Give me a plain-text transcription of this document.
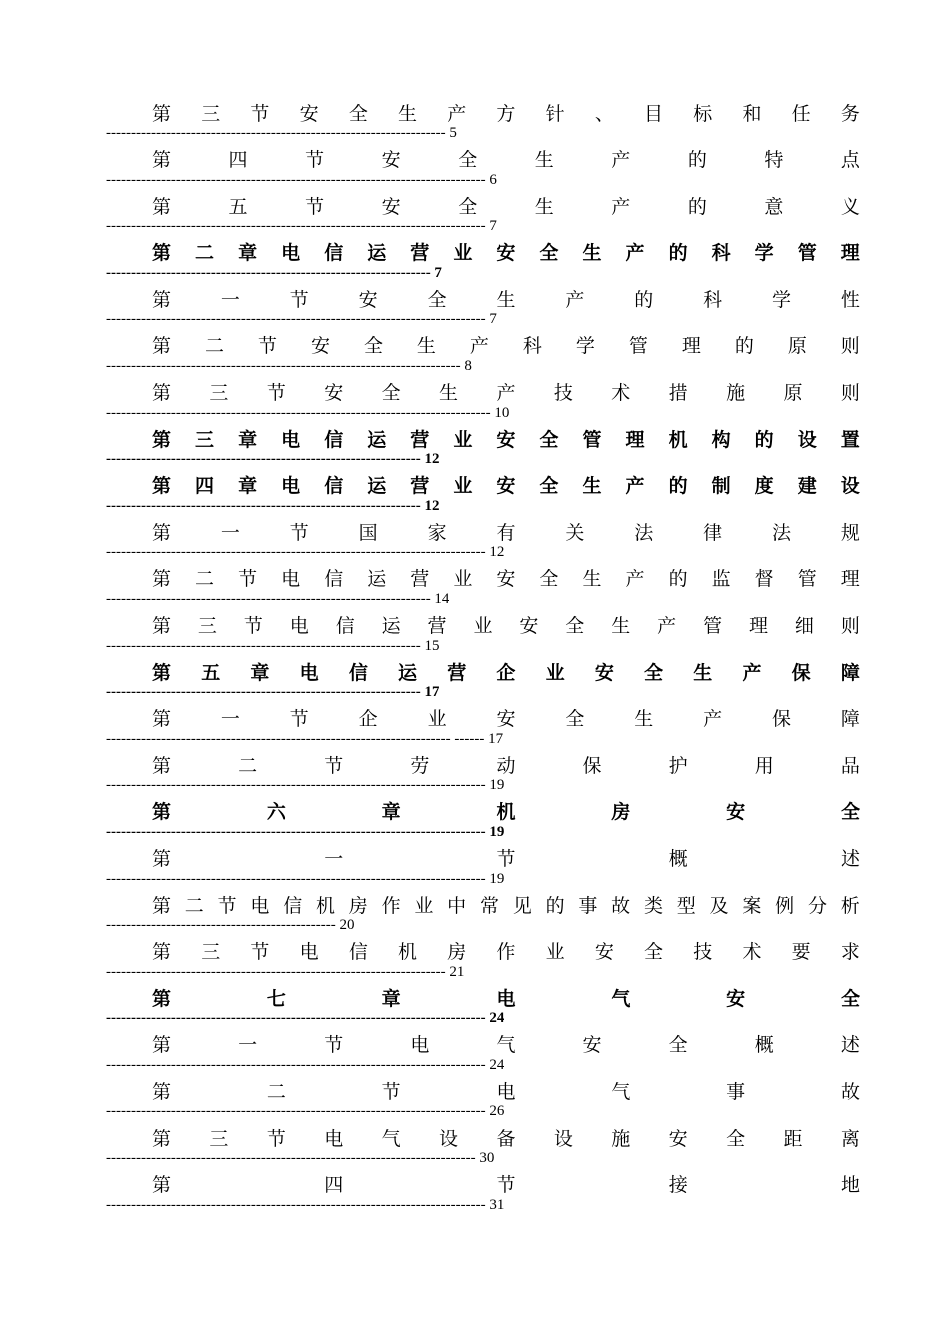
第 三 节 安 全 生 产 方 针 、 目 标 和 任 务
-------------------------------------------------------------------- 5
第	四	节	安	全	生	产	的	特	点
---------------------------------------------------------------------------- 6
第	五	节	安	全	生	产	的	意	义
---------------------------------------------------------------------------- 7
第 二 章 电 信 运 营 业 安 全 生 产 的 科 学 管 理
----------------------------------------------------------------- 7
第	一	节	安	全	生	产	的	科	学	性
---------------------------------------------------------------------------- 7
第 二 节 安 全 生 产 科 学 管 理 的 原 则
----------------------------------------------------------------------- 8
第 三 节 安 全 生 产 技 术 措 施 原 则
----------------------------------------------------------------------------- 10
第 三 章 电 信 运 营 业 安 全 管 理 机 构 的 设 置
--------------------------------------------------------------- 12
第 四 章 电 信 运 营 业 安 全 生 产 的 制 度 建 设
--------------------------------------------------------------- 12
第	一	节	国	家	有	关	法	律	法	规
---------------------------------------------------------------------------- 12
第 二 节 电 信 运 营 业 安 全 生 产 的 监 督 管 理
----------------------------------------------------------------- 14
第 三 节 电 信 运 营 业 安 全 生 产 管 理 细 则
--------------------------------------------------------------- 15
第 五 章 电 信 运 营 企 业 安 全 生 产 保 障
--------------------------------------------------------------- 17
第	一	节	企	业	安	全	生	产	保	障
--------------------------------------------------------------------- ------ 17
第	二	节	劳	动	保	护	用	品
---------------------------------------------------------------------------- 19
第	六	章	机	房	安	全
---------------------------------------------------------------------------- 19
第	一	节	概	述
---------------------------------------------------------------------------- 19
第 二 节 电 信 机 房 作 业 中 常 见 的 事 故 类 型 及 案 例 分 析
---------------------------------------------- 20
第 三 节 电 信 机 房 作 业 安 全 技 术 要 求
-------------------------------------------------------------------- 21
第	七	章	电	气	安	全
---------------------------------------------------------------------------- 24
第	一	节	电	气	安	全	概	述
---------------------------------------------------------------------------- 24
第	二	节	电	气	事	故
---------------------------------------------------------------------------- 26
第 三 节 电 气 设 备 设 施 安 全 距 离
-------------------------------------------------------------------------- 30
第	四	节	接	地
---------------------------------------------------------------------------- 31
